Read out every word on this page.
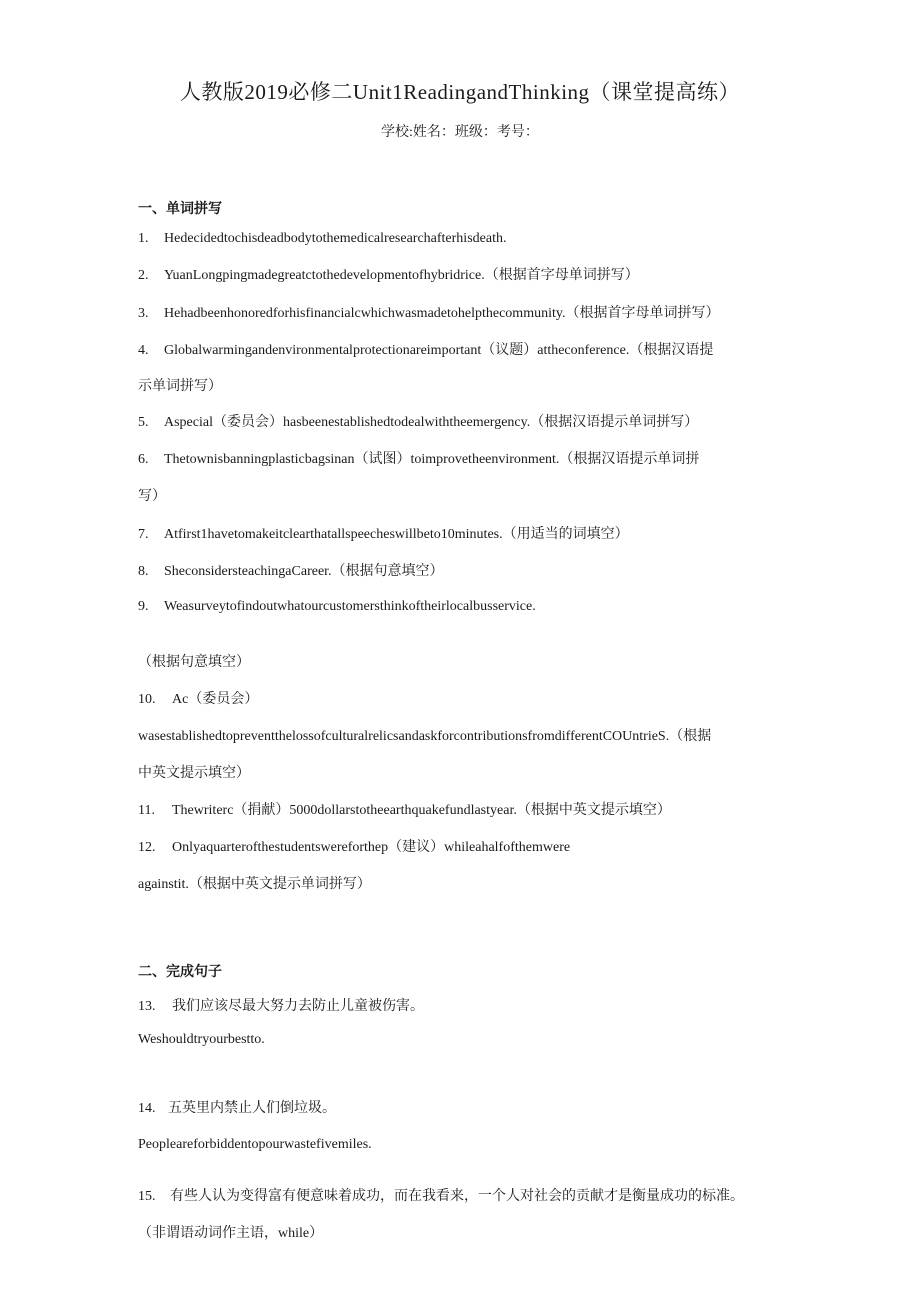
人教版2019必修二Unit1ReadingandThinking（课堂提高练）
学校:姓名：班级：考号：
一、单词拼写
1. Hedecidedtochisdeadbodytothemedicalresearchafterhisdeath.
2. YuanLongpingmadegreatctothedevelopmentofhybridrice.（根据首字母单词拼写）
3. Hehadbeenhonoredforhisfinancialcwhichwasmadetohelpthecommunity.（根据首字母单词拼写）
4. Globalwarmingandenvironmentalprotectionareimportant（议题）attheconference.（根据汉语提
示单词拼写）
5. Aspecial（委员会）hasbeenestablishedtodealwiththeemergency.（根据汉语提示单词拼写）
6. Thetownisbanningplasticbagsinan（试图）toimprovetheenvironment.（根据汉语提示单词拼
写）
7. Atfirst1havetomakeitclearthatallspeecheswillbeto10minutes.（用适当的词填空）
8. SheconsidersteachingaCareer.（根据句意填空）
9. Weasurveytofindoutwhatourcustomersthinkoftheirlocalbusservice.
（根据句意填空）
10. Ac（委员会）
wasestablishedtopreventthelossofculturalrelicsandaskforcontributionsfromdifferentCOUntrieS.（根据
中英文提示填空）
11. Thewriterc（捐献）5000dollarstotheearthquakefundlastyear.（根据中英文提示填空）
12. Onlyaquarterofthestudentswereforthep（建议）whileahalfofthemwere
againstit.（根据中英文提示单词拼写）
二、完成句子
13. 我们应该尽最大努力去防止儿童被伤害。
Weshouldtryourbestto.
14. 五英里内禁止人们倒垃圾。
Peopleareforbiddentopourwastefivemiles.
15. 有些人认为变得富有便意味着成功，而在我看来，一个人对社会的贡献才是衡量成功的标准。
（非谓语动词作主语，while）
